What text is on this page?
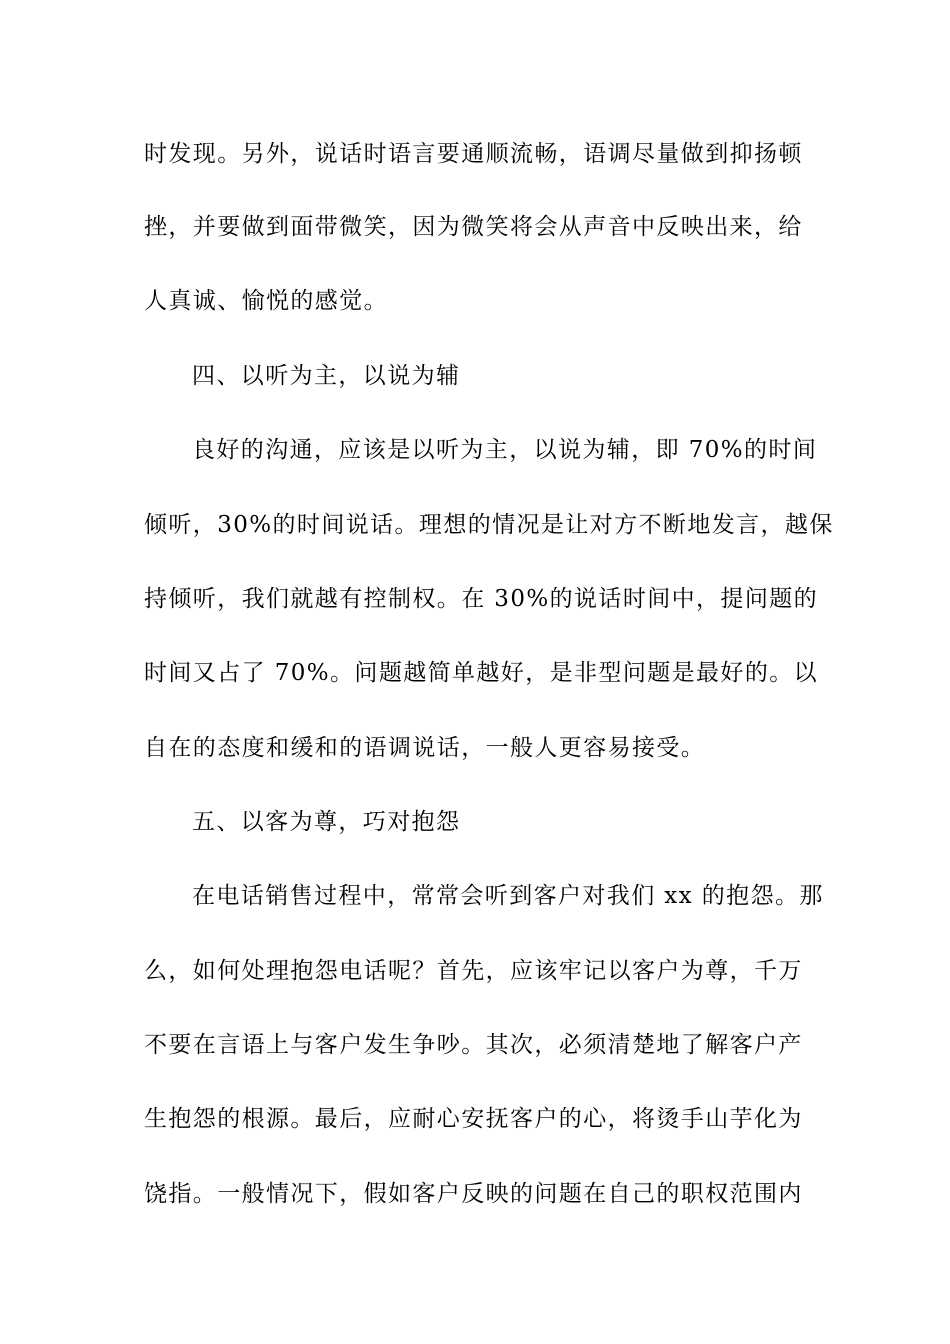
时发现。另外，说话时语言要通顺流畅，语调尽量做到抑扬顿
挫，并要做到面带微笑，因为微笑将会从声音中反映出来，给
人真诚、愉悦的感觉。
四、以听为主，以说为辅
良好的沟通，应该是以听为主，以说为辅，即 70%的时间
倾听，30%的时间说话。理想的情况是让对方不断地发言，越保
持倾听，我们就越有控制权。在 30%的说话时间中，提问题的
时间又占了 70%。问题越简单越好，是非型问题是最好的。以
自在的态度和缓和的语调说话，一般人更容易接受。
五、以客为尊，巧对抱怨
在电话销售过程中，常常会听到客户对我们 xx 的抱怨。那
么，如何处理抱怨电话呢？首先，应该牢记以客户为尊，千万
不要在言语上与客户发生争吵。其次，必须清楚地了解客户产
生抱怨的根源。最后，应耐心安抚客户的心，将烫手山芋化为
饶指。一般情况下，假如客户反映的问题在自己的职权范围内
